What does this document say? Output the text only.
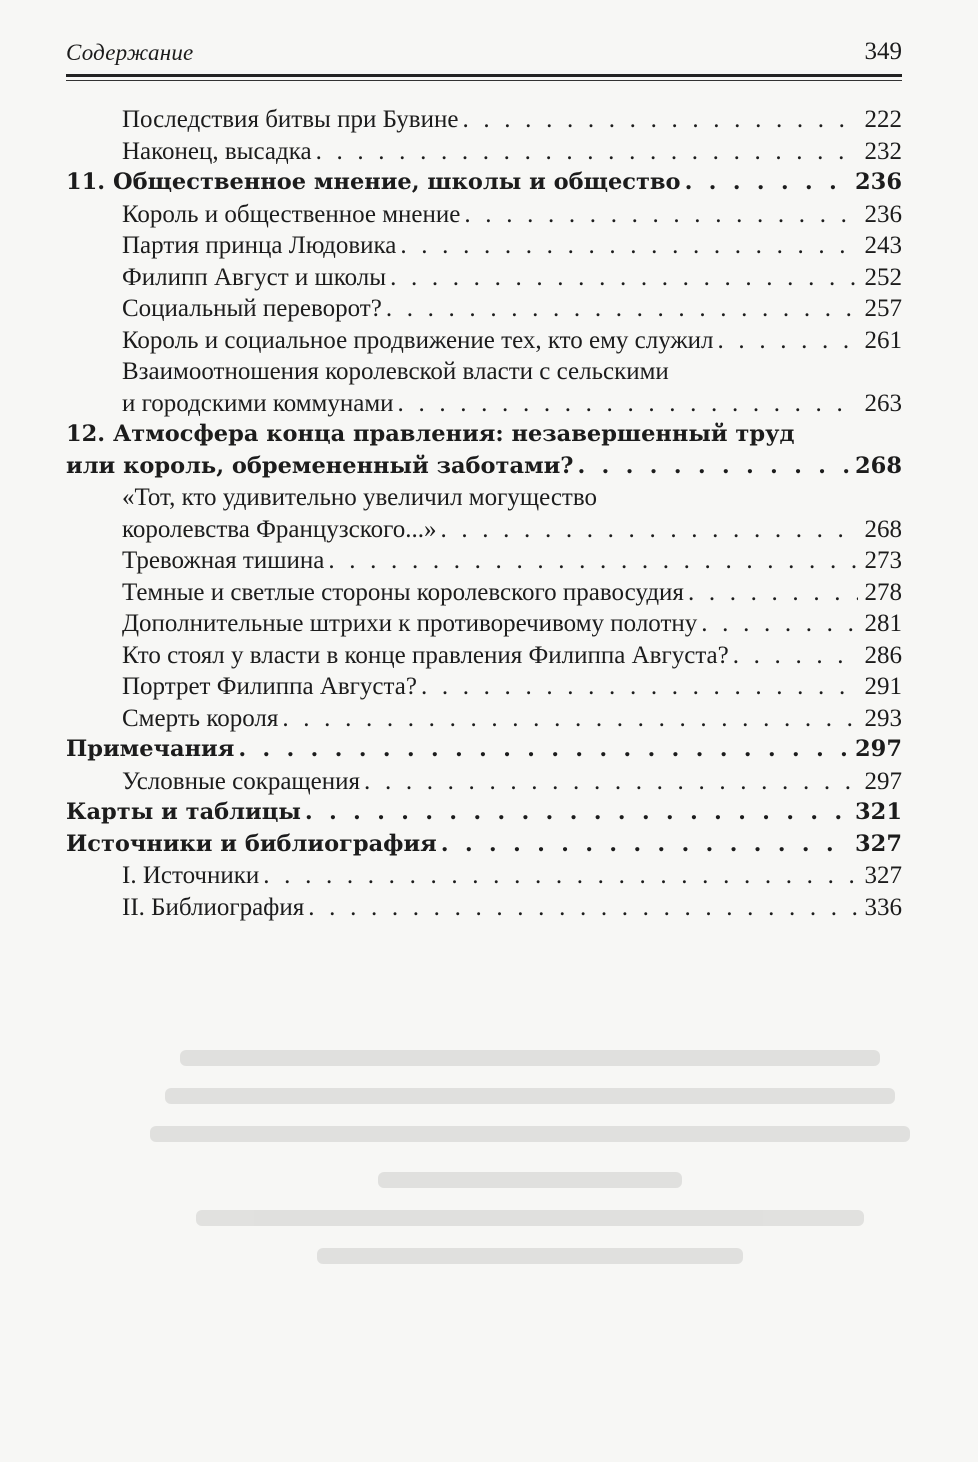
Содержание	349
Последствия битвы при Бувине . . .	222
Наконец, высадка . . .	232
11. Общественное мнение, школы и общество . . .	236
Король и общественное мнение . . .	236
Партия принца Людовика . . .	243
Филипп Август и школы . . .	252
Социальный переворот? . . .	257
Король и социальное продвижение тех, кто ему служил . . .	261
Взаимоотношения королевской власти с сельскими
и городскими коммунами . . .	263
12. Атмосфера конца правления: незавершенный труд
или король, обремененный заботами? . . .	268
«Тот, кто удивительно увеличил могущество
королевства Французского...» . . .	268
Тревожная тишина . . .	273
Темные и светлые стороны королевского правосудия . . .	278
Дополнительные штрихи к противоречивому полотну . . .	281
Кто стоял у власти в конце правления Филиппа Августа? . . .	286
Портрет Филиппа Августа? . . .	291
Смерть короля . . .	293
Примечания . . .	297
Условные сокращения . . .	297
Карты и таблицы . . .	321
Источники и библиография . . .	327
I. Источники . . .	327
II. Библиография . . .	336
